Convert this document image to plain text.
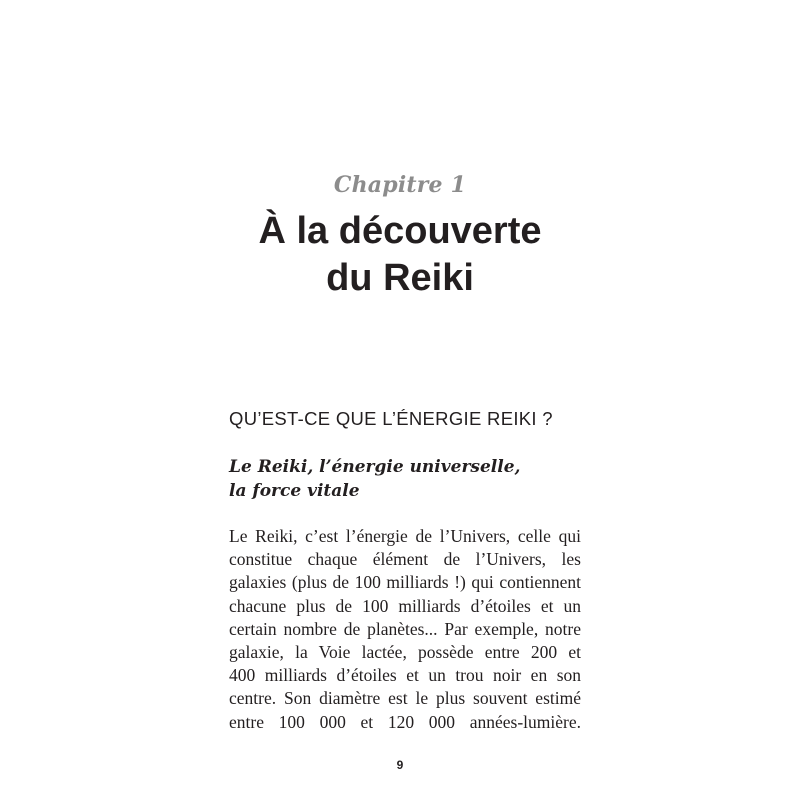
Chapitre 1
À la découverte
du Reiki
QU’EST-CE QUE L’ÉNERGIE REIKI ?
Le Reiki, l’énergie universelle,
la force vitale
Le Reiki, c’est l’énergie de l’Univers, celle qui
constitue chaque élément de l’Univers, les
galaxies (plus de 100 milliards !) qui contiennent
chacune plus de 100 milliards d’étoiles et un
certain nombre de planètes... Par exemple, notre
galaxie, la Voie lactée, possède entre 200 et
400 milliards d’étoiles et un trou noir en son
centre. Son diamètre est le plus souvent estimé
entre 100 000 et 120 000 années-lumière.
9
